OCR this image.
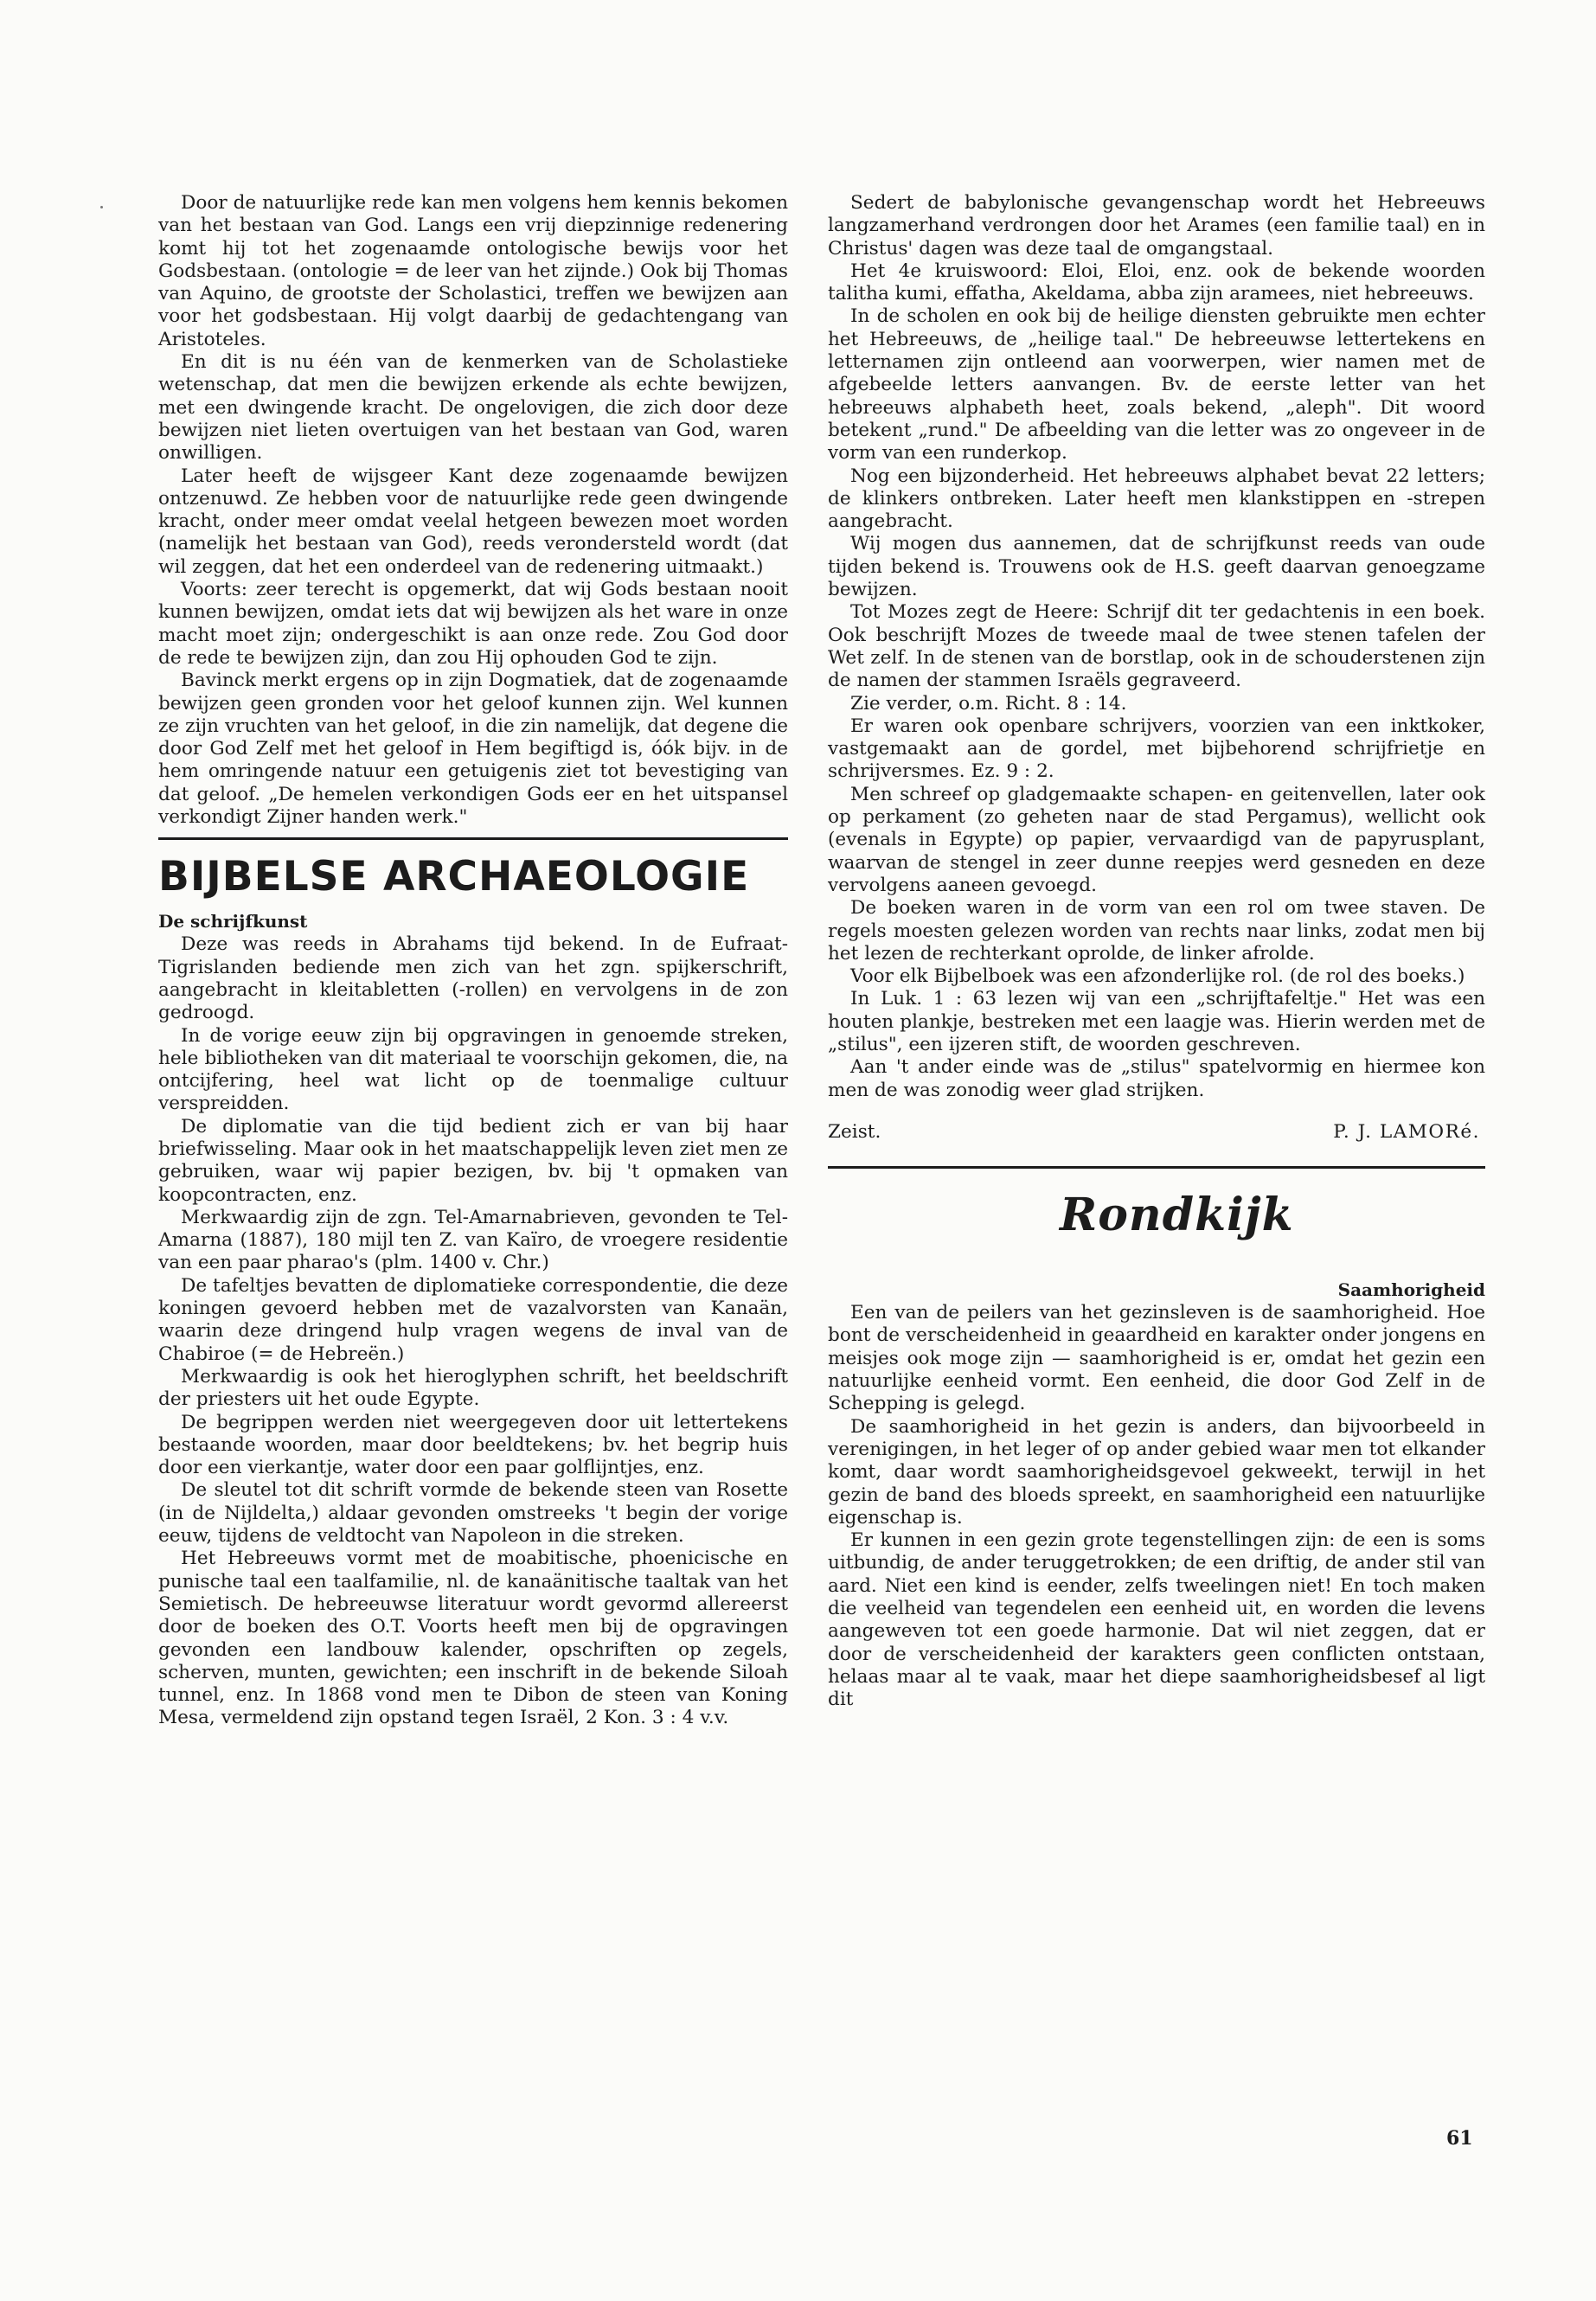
Door de natuurlijke rede kan men volgens hem kennis bekomen van het bestaan van God. Langs een vrij diepzinnige redenering komt hij tot het zogenaamde ontologische bewijs voor het Godsbestaan. (ontologie = de leer van het zijnde.) Ook bij Thomas van Aquino, de grootste der Scholastici, treffen we bewijzen aan voor het godsbestaan. Hij volgt daarbij de gedachtengang van Aristoteles.

En dit is nu één van de kenmerken van de Scholastieke wetenschap, dat men die bewijzen erkende als echte bewijzen, met een dwingende kracht. De ongelovigen, die zich door deze bewijzen niet lieten overtuigen van het bestaan van God, waren onwilligen.

Later heeft de wijsgeer Kant deze zogenaamde bewijzen ontzenuwd. Ze hebben voor de natuurlijke rede geen dwingende kracht, onder meer omdat veelal hetgeen bewezen moet worden (namelijk het bestaan van God), reeds verondersteld wordt (dat wil zeggen, dat het een onderdeel van de redenering uitmaakt.)

Voorts: zeer terecht is opgemerkt, dat wij Gods bestaan nooit kunnen bewijzen, omdat iets dat wij bewijzen als het ware in onze macht moet zijn; ondergeschikt is aan onze rede. Zou God door de rede te bewijzen zijn, dan zou Hij ophouden God te zijn.

Bavinck merkt ergens op in zijn Dogmatiek, dat de zogenaamde bewijzen geen gronden voor het geloof kunnen zijn. Wel kunnen ze zijn vruchten van het geloof, in die zin namelijk, dat degene die door God Zelf met het geloof in Hem begiftigd is, óók bijv. in de hem omringende natuur een getuigenis ziet tot bevestiging van dat geloof. „De hemelen verkondigen Gods eer en het uitspansel verkondigt Zijner handen werk."

BIJBELSE ARCHAEOLOGIE

De schrijfkunst

Deze was reeds in Abrahams tijd bekend. In de Eufraat-Tigrislanden bediende men zich van het zgn. spijkerschrift, aangebracht in kleitabletten (-rollen) en vervolgens in de zon gedroogd.

In de vorige eeuw zijn bij opgravingen in genoemde streken, hele bibliotheken van dit materiaal te voorschijn gekomen, die, na ontcijfering, heel wat licht op de toenmalige cultuur verspreidden.

De diplomatie van die tijd bedient zich er van bij haar briefwisseling. Maar ook in het maatschappelijk leven ziet men ze gebruiken, waar wij papier bezigen, bv. bij 't opmaken van koopcontracten, enz.

Merkwaardig zijn de zgn. Tel-Amarnabrieven, gevonden te Tel-Amarna (1887), 180 mijl ten Z. van Kaïro, de vroegere residentie van een paar pharao's (plm. 1400 v. Chr.)

De tafeltjes bevatten de diplomatieke correspondentie, die deze koningen gevoerd hebben met de vazalvorsten van Kanaän, waarin deze dringend hulp vragen wegens de inval van de Chabiroe (= de Hebreën.)

Merkwaardig is ook het hieroglyphen schrift, het beeldschrift der priesters uit het oude Egypte.

De begrippen werden niet weergegeven door uit lettertekens bestaande woorden, maar door beeldtekens; bv. het begrip huis door een vierkantje, water door een paar golflijntjes, enz.

De sleutel tot dit schrift vormde de bekende steen van Rosette (in de Nijldelta,) aldaar gevonden omstreeks 't begin der vorige eeuw, tijdens de veldtocht van Napoleon in die streken.

Het Hebreeuws vormt met de moabitische, phoenicische en punische taal een taalfamilie, nl. de kanaänitische taaltak van het Semietisch. De hebreeuwse literatuur wordt gevormd allereerst door de boeken des O.T. Voorts heeft men bij de opgravingen gevonden een landbouw kalender, opschriften op zegels, scherven, munten, gewichten; een inschrift in de bekende Siloah tunnel, enz. In 1868 vond men te Dibon de steen van Koning Mesa, vermeldend zijn opstand tegen Israël, 2 Kon. 3 : 4 v.v.

Sedert de babylonische gevangenschap wordt het Hebreeuws langzamerhand verdrongen door het Arames (een familie taal) en in Christus' dagen was deze taal de omgangstaal.

Het 4e kruiswoord: Eloi, Eloi, enz. ook de bekende woorden talitha kumi, effatha, Akeldama, abba zijn aramees, niet hebreeuws.

In de scholen en ook bij de heilige diensten gebruikte men echter het Hebreeuws, de „heilige taal." De hebreeuwse lettertekens en letternamen zijn ontleend aan voorwerpen, wier namen met de afgebeelde letters aanvangen. Bv. de eerste letter van het hebreeuws alphabeth heet, zoals bekend, „aleph". Dit woord betekent „rund." De afbeelding van die letter was zo ongeveer in de vorm van een runderkop.

Nog een bijzonderheid. Het hebreeuws alphabet bevat 22 letters; de klinkers ontbreken. Later heeft men klankstippen en -strepen aangebracht.

Wij mogen dus aannemen, dat de schrijfkunst reeds van oude tijden bekend is. Trouwens ook de H.S. geeft daarvan genoegzame bewijzen.

Tot Mozes zegt de Heere: Schrijf dit ter gedachtenis in een boek. Ook beschrijft Mozes de tweede maal de twee stenen tafelen der Wet zelf. In de stenen van de borstlap, ook in de schouderstenen zijn de namen der stammen Israëls gegraveerd.

Zie verder, o.m. Richt. 8 : 14.

Er waren ook openbare schrijvers, voorzien van een inktkoker, vastgemaakt aan de gordel, met bijbehorend schrijfrietje en schrijversmes. Ez. 9 : 2.

Men schreef op gladgemaakte schapen- en geitenvellen, later ook op perkament (zo geheten naar de stad Pergamus), wellicht ook (evenals in Egypte) op papier, vervaardigd van de papyrusplant, waarvan de stengel in zeer dunne reepjes werd gesneden en deze vervolgens aaneen gevoegd.

De boeken waren in de vorm van een rol om twee staven. De regels moesten gelezen worden van rechts naar links, zodat men bij het lezen de rechterkant oprolde, de linker afrolde.

Voor elk Bijbelboek was een afzonderlijke rol. (de rol des boeks.)

In Luk. 1 : 63 lezen wij van een „schrijftafeltje." Het was een houten plankje, bestreken met een laagje was. Hierin werden met de „stilus", een ijzeren stift, de woorden geschreven.

Aan 't ander einde was de „stilus" spatelvormig en hiermee kon men de was zonodig weer glad strijken.

Zeist.	P. J. LAMORé.
Rondkijk

Saamhorigheid

Een van de peilers van het gezinsleven is de saamhorigheid. Hoe bont de verscheidenheid in geaardheid en karakter onder jongens en meisjes ook moge zijn — saamhorigheid is er, omdat het gezin een natuurlijke eenheid vormt. Een eenheid, die door God Zelf in de Schepping is gelegd.

De saamhorigheid in het gezin is anders, dan bijvoorbeeld in verenigingen, in het leger of op ander gebied waar men tot elkander komt, daar wordt saamhorigheidsgevoel gekweekt, terwijl in het gezin de band des bloeds spreekt, en saamhorigheid een natuurlijke eigenschap is.

Er kunnen in een gezin grote tegenstellingen zijn: de een is soms uitbundig, de ander teruggetrokken; de een driftig, de ander stil van aard. Niet een kind is eender, zelfs tweelingen niet! En toch maken die veelheid van tegendelen een eenheid uit, en worden die levens aangeweven tot een goede harmonie. Dat wil niet zeggen, dat er door de verscheidenheid der karakters geen conflicten ontstaan, helaas maar al te vaak, maar het diepe saamhorigheidsbesef al ligt dit

61
